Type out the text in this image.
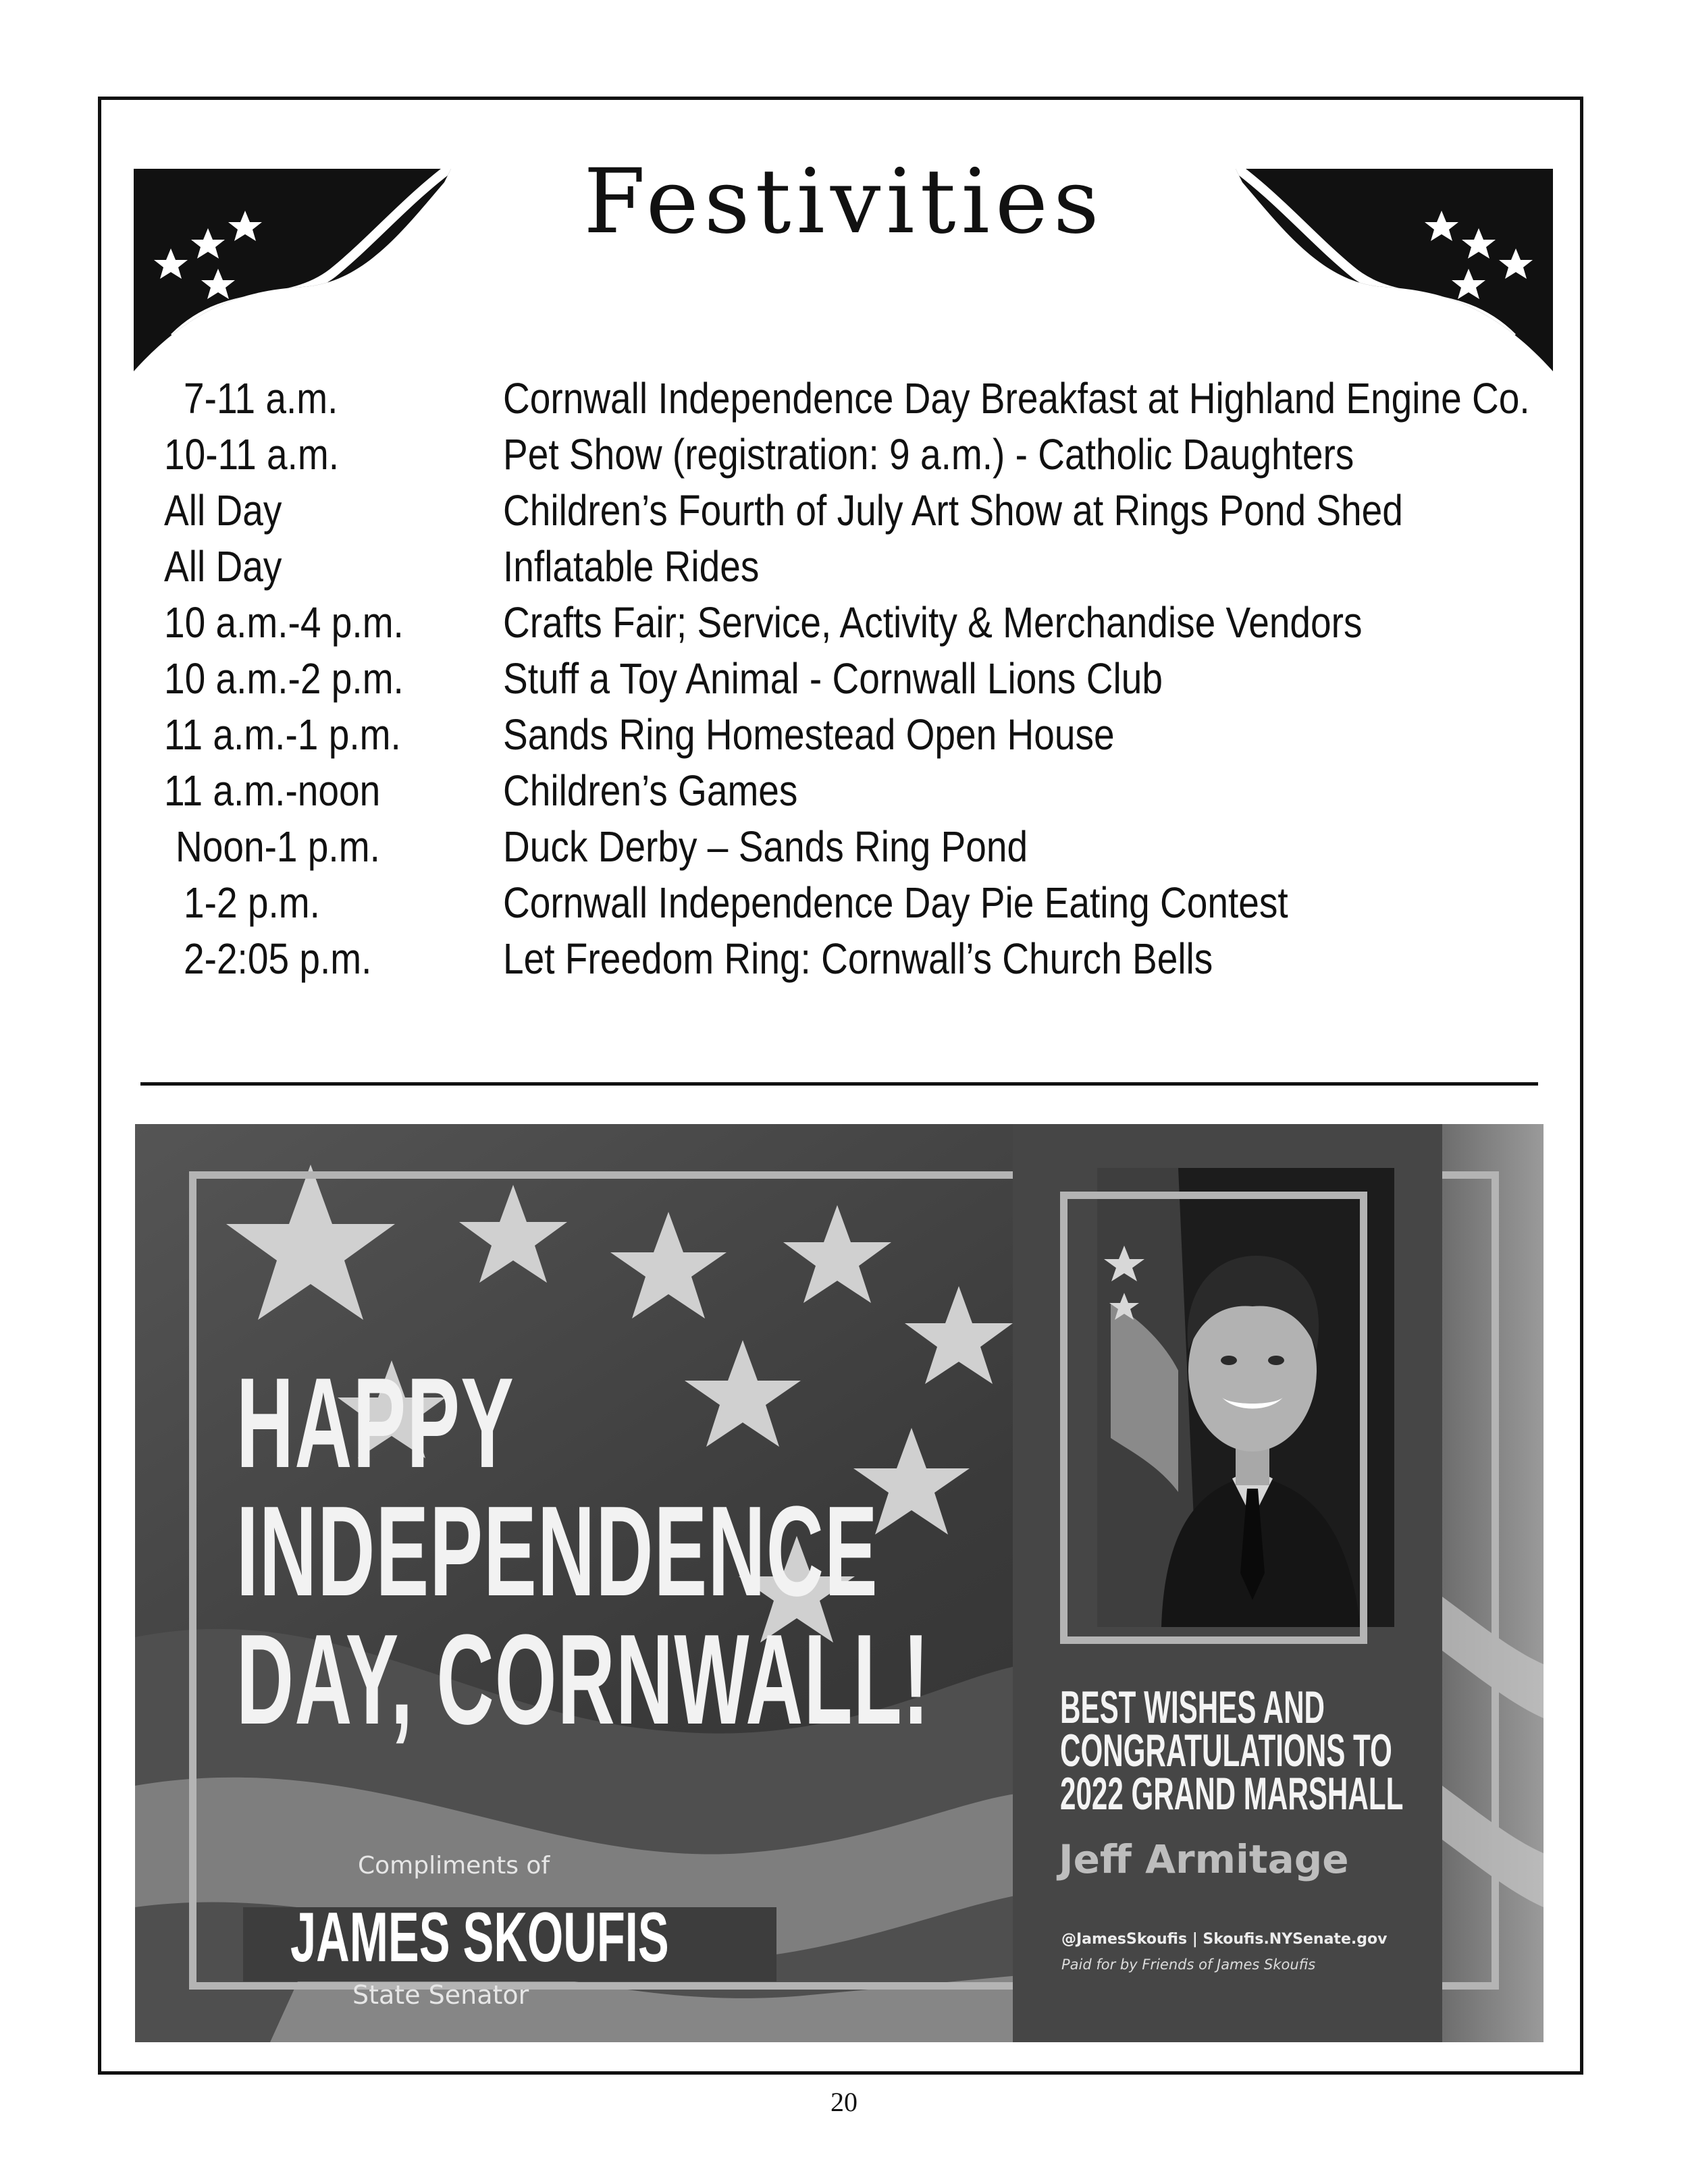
Festivities
7-11 a.m.	Cornwall Independence Day Breakfast at Highland Engine Co.
10-11 a.m.	Pet Show (registration: 9 a.m.) - Catholic Daughters
All Day	Children’s Fourth of July Art Show at Rings Pond Shed
All Day	Inflatable Rides
10 a.m.-4 p.m. Crafts Fair; Service, Activity & Merchandise Vendors
10 a.m.-2 p.m. Stuff a Toy Animal - Cornwall Lions Club
11 a.m.-1 p.m. Sands Ring Homestead Open House
11 a.m.-noon	Children’s Games
Noon-1 p.m.	Duck Derby – Sands Ring Pond
1-2 p.m.	Cornwall Independence Day Pie Eating Contest
2-2:05 p.m.	Let Freedom Ring: Cornwall’s Church Bells
HAPPY
INDEPENDENCE
DAY, CORNWALL!
Compliments of
JAMES SKOUFIS
State Senator
BEST WISHES AND
CONGRATULATIONS TO
2022 GRAND MARSHALL
Jeff Armitage
@JamesSkoufis | Skoufis.NYSenate.gov
Paid for by Friends of James Skoufis
20
